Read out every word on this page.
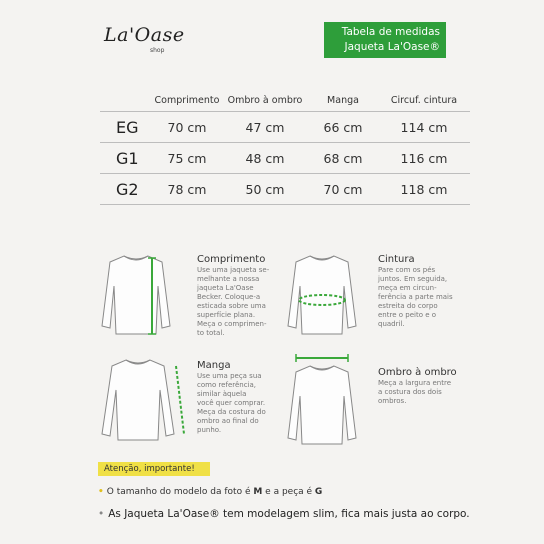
La'Oase
shop
Tabela de medidas
Jaqueta La'Oase®
	Comprimento	Ombro à ombro	Manga	Circuf. cintura
EG	70 cm	47 cm	66 cm	114 cm
G1	75 cm	48 cm	68 cm	116 cm
G2	78 cm	50 cm	70 cm	118 cm
Comprimento

Use uma jaqueta se-
melhante a nossa
jaqueta La'Oase
Becker. Coloque-a
esticada sobre uma
superfície plana.
Meça o comprimen-
to total.

Cintura

Pare com os pés
juntos. Em seguida,
meça em circun-
ferência a parte mais
estreita do corpo
entre o peito e o
quadril.

Manga

Use uma peça sua
como referência,
similar àquela
você quer comprar.
Meça da costura do
ombro ao final do
punho.

Ombro à ombro

Meça a largura entre
a costura dos dois
ombros.

Atenção, importante!
• O tamanho do modelo da foto é M e a peça é G
• As Jaqueta La'Oase® tem modelagem slim, fica mais justa ao corpo.
